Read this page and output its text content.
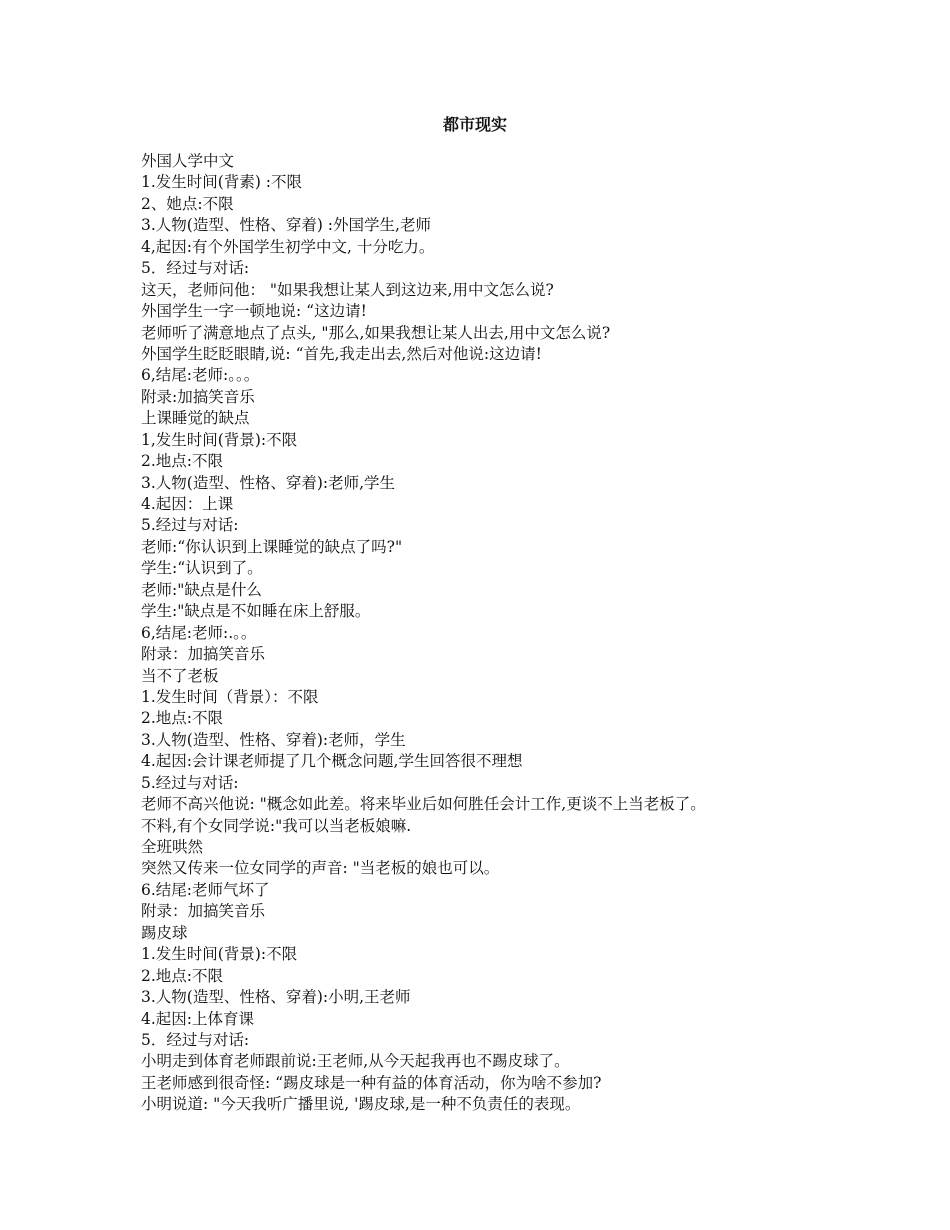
都市现实
外国人学中文
1.发生时间(背素) :不限
2、她点:不限
3.人物(造型、性格、穿着) :外国学生,老师
4,起因:有个外国学生初学中文, 十分吃力。
5．经过与对话:
这天，老师问他： "如果我想让某人到这边来,用中文怎么说?
外国学生一字一顿地说: “这边请!
老师听了满意地点了点头, "那么,如果我想让某人出去,用中文怎么说?
外国学生眨眨眼睛,说: “首先,我走出去,然后对他说:这边请!
6,结尾:老师:。。。
附录:加搞笑音乐
上课睡觉的缺点
1,发生时间(背景):不限
2.地点:不限
3.人物(造型、性格、穿着):老师,学生
4.起因：上课
5.经过与对话:
老师:“你认识到上课睡觉的缺点了吗?"
学生:“认识到了。
老师:"缺点是什么
学生:"缺点是不如睡在床上舒服。
6,结尾:老师:.。。
附录：加搞笑音乐
当不了老板
1.发生时间（背景）：不限
2.地点:不限
3.人物(造型、性格、穿着):老师，学生
4.起因:会计课老师提了几个概念问题,学生回答很不理想
5.经过与对话:
老师不高兴他说: "概念如此差。将来毕业后如何胜任会计工作,更谈不上当老板了。
不料,有个女同学说:"我可以当老板娘嘛.
全班哄然
突然又传来一位女同学的声音: "当老板的娘也可以。
6.结尾:老师气坏了
附录：加搞笑音乐
踢皮球
1.发生时间(背景):不限
2.地点:不限
3.人物(造型、性格、穿着):小明,王老师
4.起因:上体育课
5．经过与对话:
小明走到体育老师跟前说:王老师,从今天起我再也不踢皮球了。
王老师感到很奇怪: “踢皮球是一种有益的体育活动，你为啥不参加?
小明说道: "今天我听广播里说, '踢皮球,是一种不负责任的表现。
